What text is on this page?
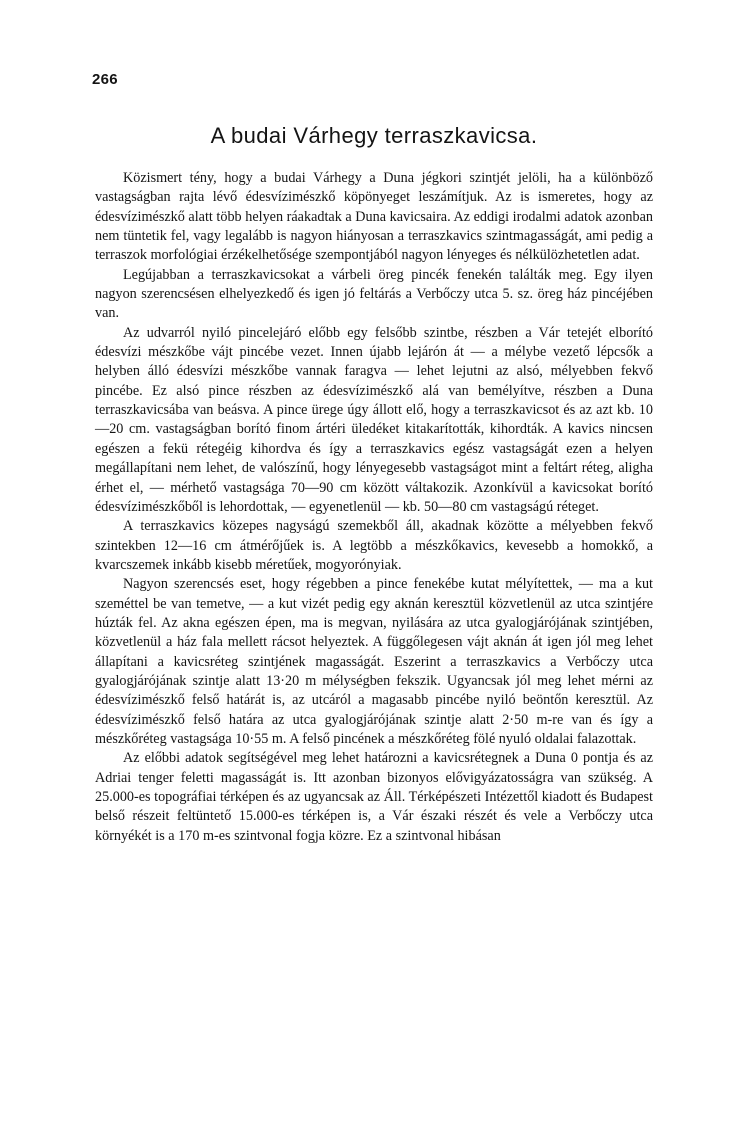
266
A budai Várhegy terraszkavicsa.

Közismert tény, hogy a budai Várhegy a Duna jégkori szintjét jelöli, ha a különböző vastagságban rajta lévő édesvízimészkő köpönyeget leszámítjuk. Az is ismeretes, hogy az édesvízimészkő alatt több helyen ráakadtak a Duna kavicsaira. Az eddigi irodalmi adatok azonban nem tüntetik fel, vagy legalább is nagyon hiányosan a terraszkavics szintmagasságát, ami pedig a terraszok morfológiai érzékelhetősége szempontjából nagyon lényeges és nélkülözhetetlen adat.

Legújabban a terraszkavicsokat a várbeli öreg pincék fenekén találták meg. Egy ilyen nagyon szerencsésen elhelyezkedő és igen jó feltárás a Verbőczy utca 5. sz. öreg ház pincéjében van.

Az udvarról nyiló pincelejáró előbb egy felsőbb szintbe, részben a Vár tetejét elborító édesvízi mészkőbe vájt pincébe vezet. Innen újabb lejárón át — a mélybe vezető lépcsők a helyben álló édesvízi mészkőbe vannak faragva — lehet lejutni az alsó, mélyebben fekvő pincébe. Ez alsó pince részben az édesvízimészkő alá van bemélyítve, részben a Duna terraszkavicsába van beásva. A pince ürege úgy állott elő, hogy a terraszkavicsot és az azt kb. 10—20 cm. vastagságban borító finom ártéri üledéket kitakarították, kihordták. A kavics nincsen egészen a fekü rétegéig kihordva és így a terraszkavics egész vastagságát ezen a helyen megállapítani nem lehet, de valószínű, hogy lényegesebb vastagságot mint a feltárt réteg, aligha érhet el, — mérhető vastagsága 70—90 cm között váltakozik. Azonkívül a kavicsokat borító édesvízimészkőből is lehordottak, — egyenetlenül — kb. 50—80 cm vastagságú réteget.

A terraszkavics közepes nagyságú szemekből áll, akadnak közötte a mélyebben fekvő szintekben 12—16 cm átmérőjűek is. A legtöbb a mészkőkavics, kevesebb a homokkő, a kvarcszemek inkább kisebb méretűek, mogyorónyiak.

Nagyon szerencsés eset, hogy régebben a pince fenekébe kutat mélyítettek, — ma a kut szeméttel be van temetve, — a kut vizét pedig egy aknán keresztül közvetlenül az utca szintjére húzták fel. Az akna egészen épen, ma is megvan, nyilására az utca gyalogjárójának szintjében, közvetlenül a ház fala mellett rácsot helyeztek. A függőlegesen vájt aknán át igen jól meg lehet állapítani a kavicsréteg szintjének magasságát. Eszerint a terraszkavics a Verbőczy utca gyalogjárójának szintje alatt 13·20 m mélységben fekszik. Ugyancsak jól meg lehet mérni az édesvízimészkő felső határát is, az utcáról a magasabb pincébe nyiló beöntőn keresztül. Az édesvízimészkő felső határa az utca gyalogjárójának szintje alatt 2·50 m-re van és így a mészkőréteg vastagsága 10·55 m. A felső pincének a mészkőréteg fölé nyuló oldalai falazottak.

Az előbbi adatok segítségével meg lehet határozni a kavicsrétegnek a Duna 0 pontja és az Adriai tenger feletti magasságát is. Itt azonban bizonyos elővigyázatosságra van szükség. A 25.000-es topográfiai térképen és az ugyancsak az Áll. Térképészeti Intézettől kiadott és Budapest belső részeit feltüntető 15.000-es térképen is, a Vár északi részét és vele a Verbőczy utca környékét is a 170 m-es szintvonal fogja közre. Ez a szintvonal hibásan
